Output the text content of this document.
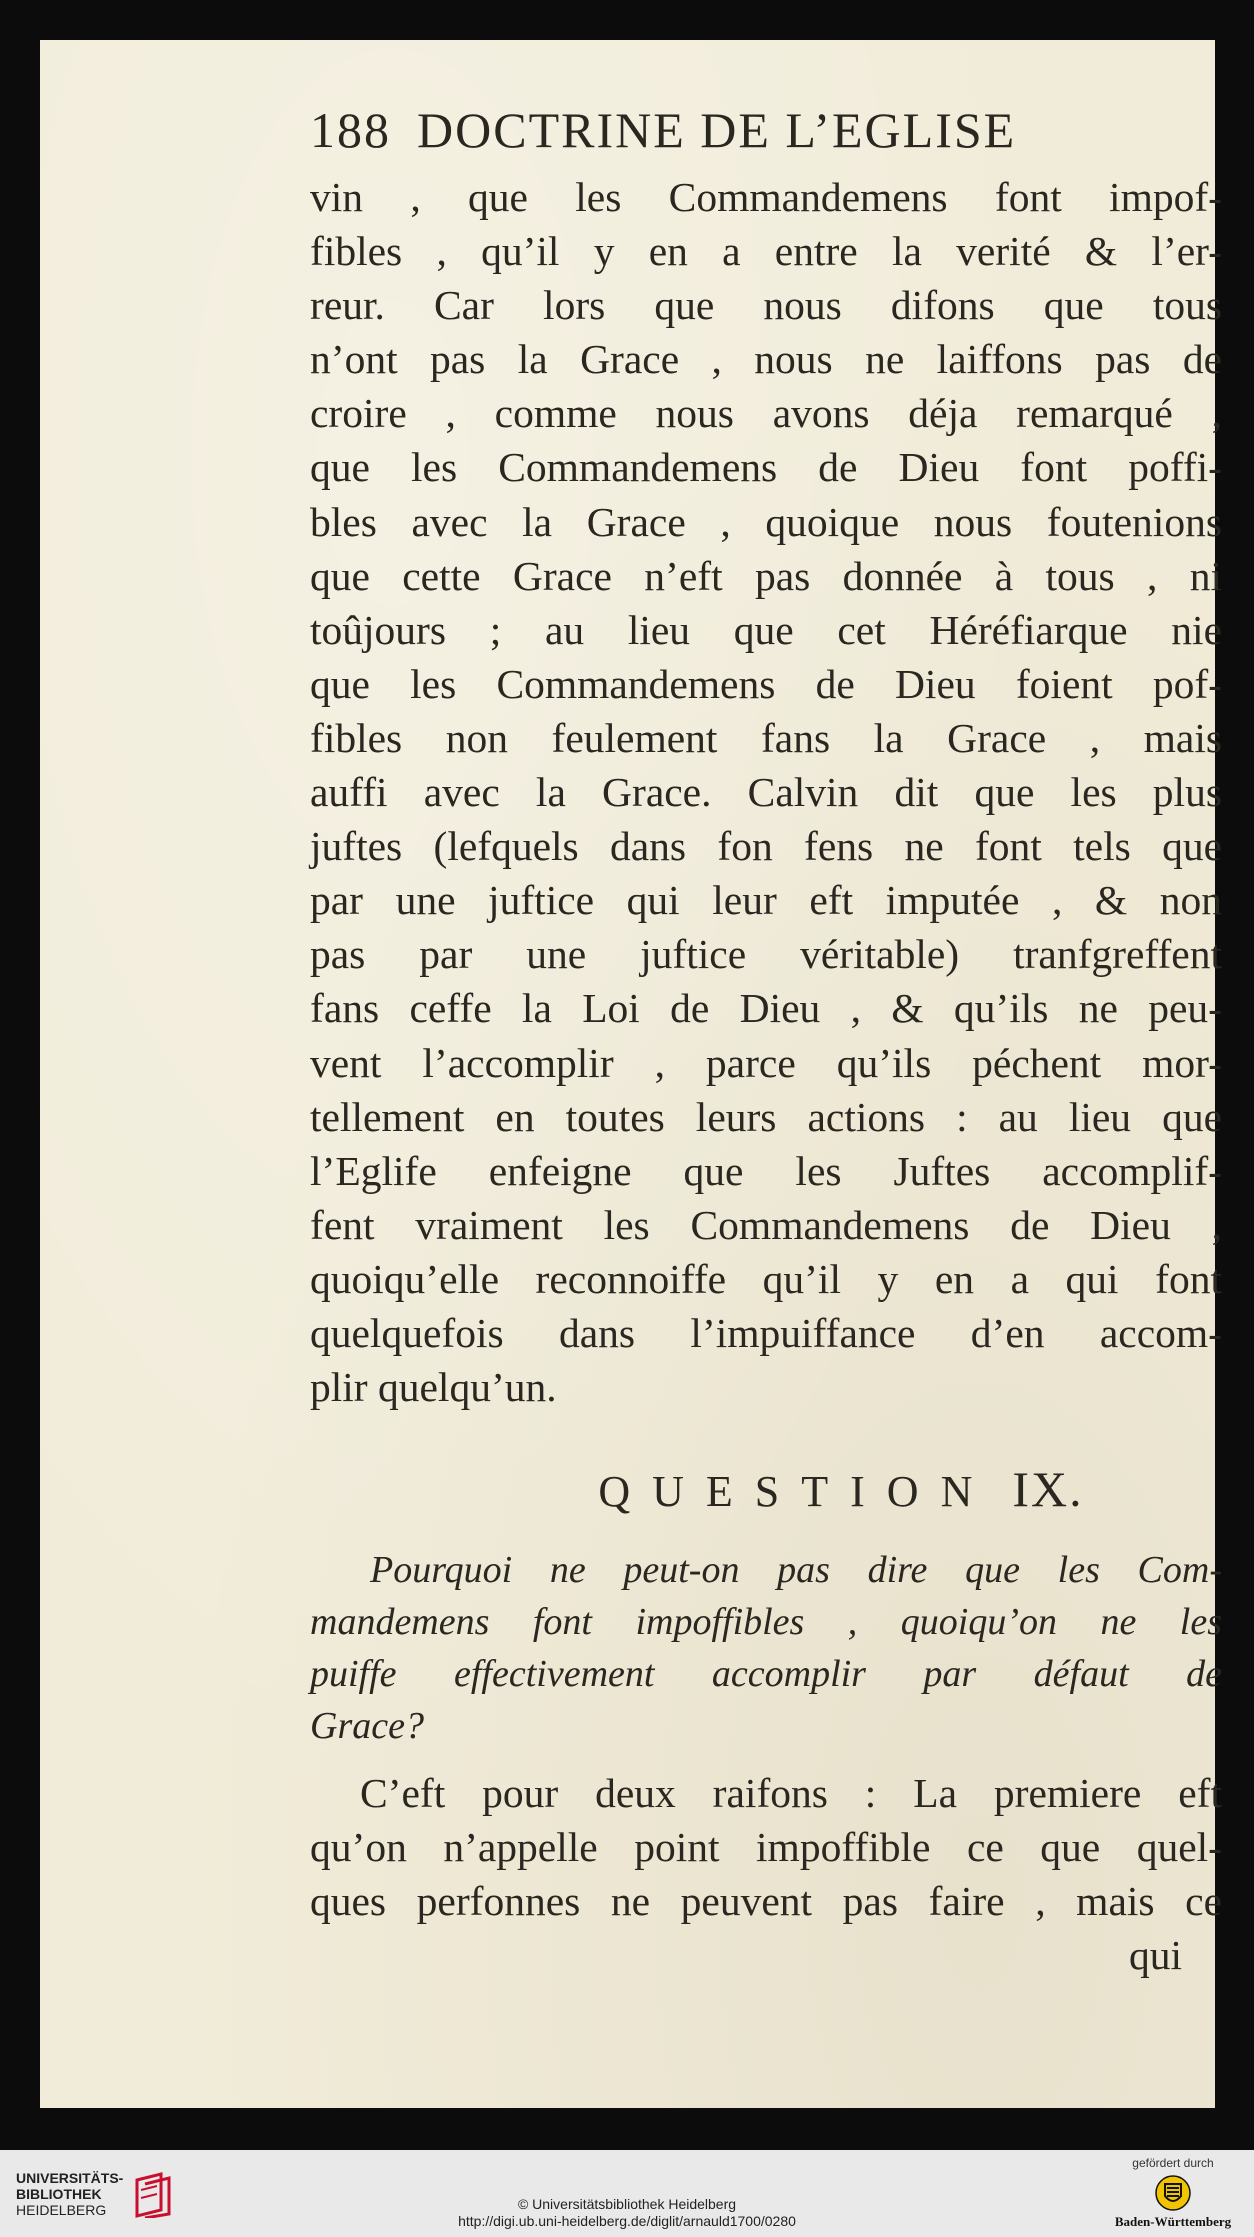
188 DOCTRINE DE L’EGLISE
vin , que les Commandemens font impof-
fibles , qu’il y en a entre la verité & l’er-
reur. Car lors que nous difons que tous
n’ont pas la Grace , nous ne laiffons pas de
croire , comme nous avons déja remarqué ,
que les Commandemens de Dieu font poffi-
bles avec la Grace , quoique nous foutenions
que cette Grace n’eft pas donnée à tous , ni
toûjours ; au lieu que cet Héréfiarque nie
que les Commandemens de Dieu foient pof-
fibles non feulement fans la Grace , mais
auffi avec la Grace. Calvin dit que les plus
juftes (lefquels dans fon fens ne font tels que
par une juftice qui leur eft imputée , & non
pas par une juftice véritable) tranfgreffent
fans ceffe la Loi de Dieu , & qu’ils ne peu-
vent l’accomplir , parce qu’ils péchent mor-
tellement en toutes leurs actions : au lieu que
l’Eglife enfeigne que les Juftes accomplif-
fent vraiment les Commandemens de Dieu ,
quoiqu’elle reconnoiffe qu’il y en a qui font
quelquefois dans l’impuiffance d’en accom-
plir quelqu’un.
QUESTION IX.
Pourquoi ne peut-on pas dire que les Com-
mandemens font impoffibles , quoiqu’on ne les
puiffe effectivement accomplir par défaut de
Grace?
C’eft pour deux raifons : La premiere eft
qu’on n’appelle point impoffible ce que quel-
ques perfonnes ne peuvent pas faire , mais ce
qui
UNIVERSITÄTS-
BIBLIOTHEK
HEIDELBERG	© Universitätsbibliothek Heidelberg
http://digi.ub.uni-heidelberg.de/diglit/arnauld1700/0280
gefördert durch
Baden-Württemberg
